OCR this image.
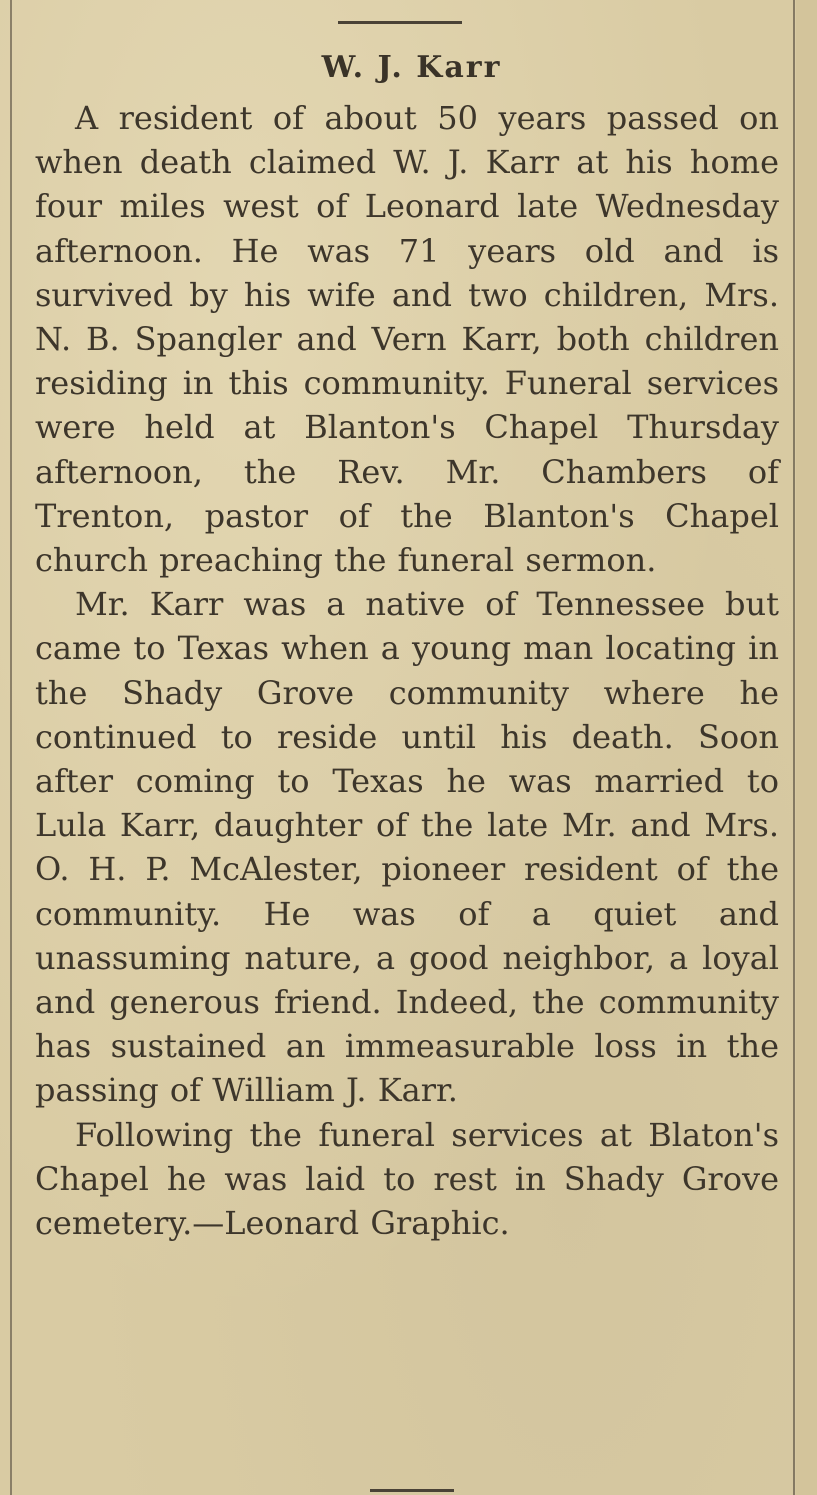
W. J. Karr

A resident of about 50 years passed on when death claimed W. J. Karr at his home four miles west of Leonard late Wednesday afternoon. He was 71 years old and is survived by his wife and two children, Mrs. N. B. Spangler and Vern Karr, both children residing in this community. Funeral services were held at Blanton's Chapel Thursday afternoon, the Rev. Mr. Chambers of Trenton, pastor of the Blanton's Chapel church preaching the funeral sermon.

Mr. Karr was a native of Tennessee but came to Texas when a young man locating in the Shady Grove community where he continued to reside until his death. Soon after coming to Texas he was married to Lula Karr, daughter of the late Mr. and Mrs. O. H. P. McAlester, pioneer resident of the community. He was of a quiet and unassuming nature, a good neighbor, a loyal and generous friend. Indeed, the community has sustained an immeasurable loss in the passing of William J. Karr.

Following the funeral services at Blaton's Chapel he was laid to rest in Shady Grove cemetery.—Leonard Graphic.
